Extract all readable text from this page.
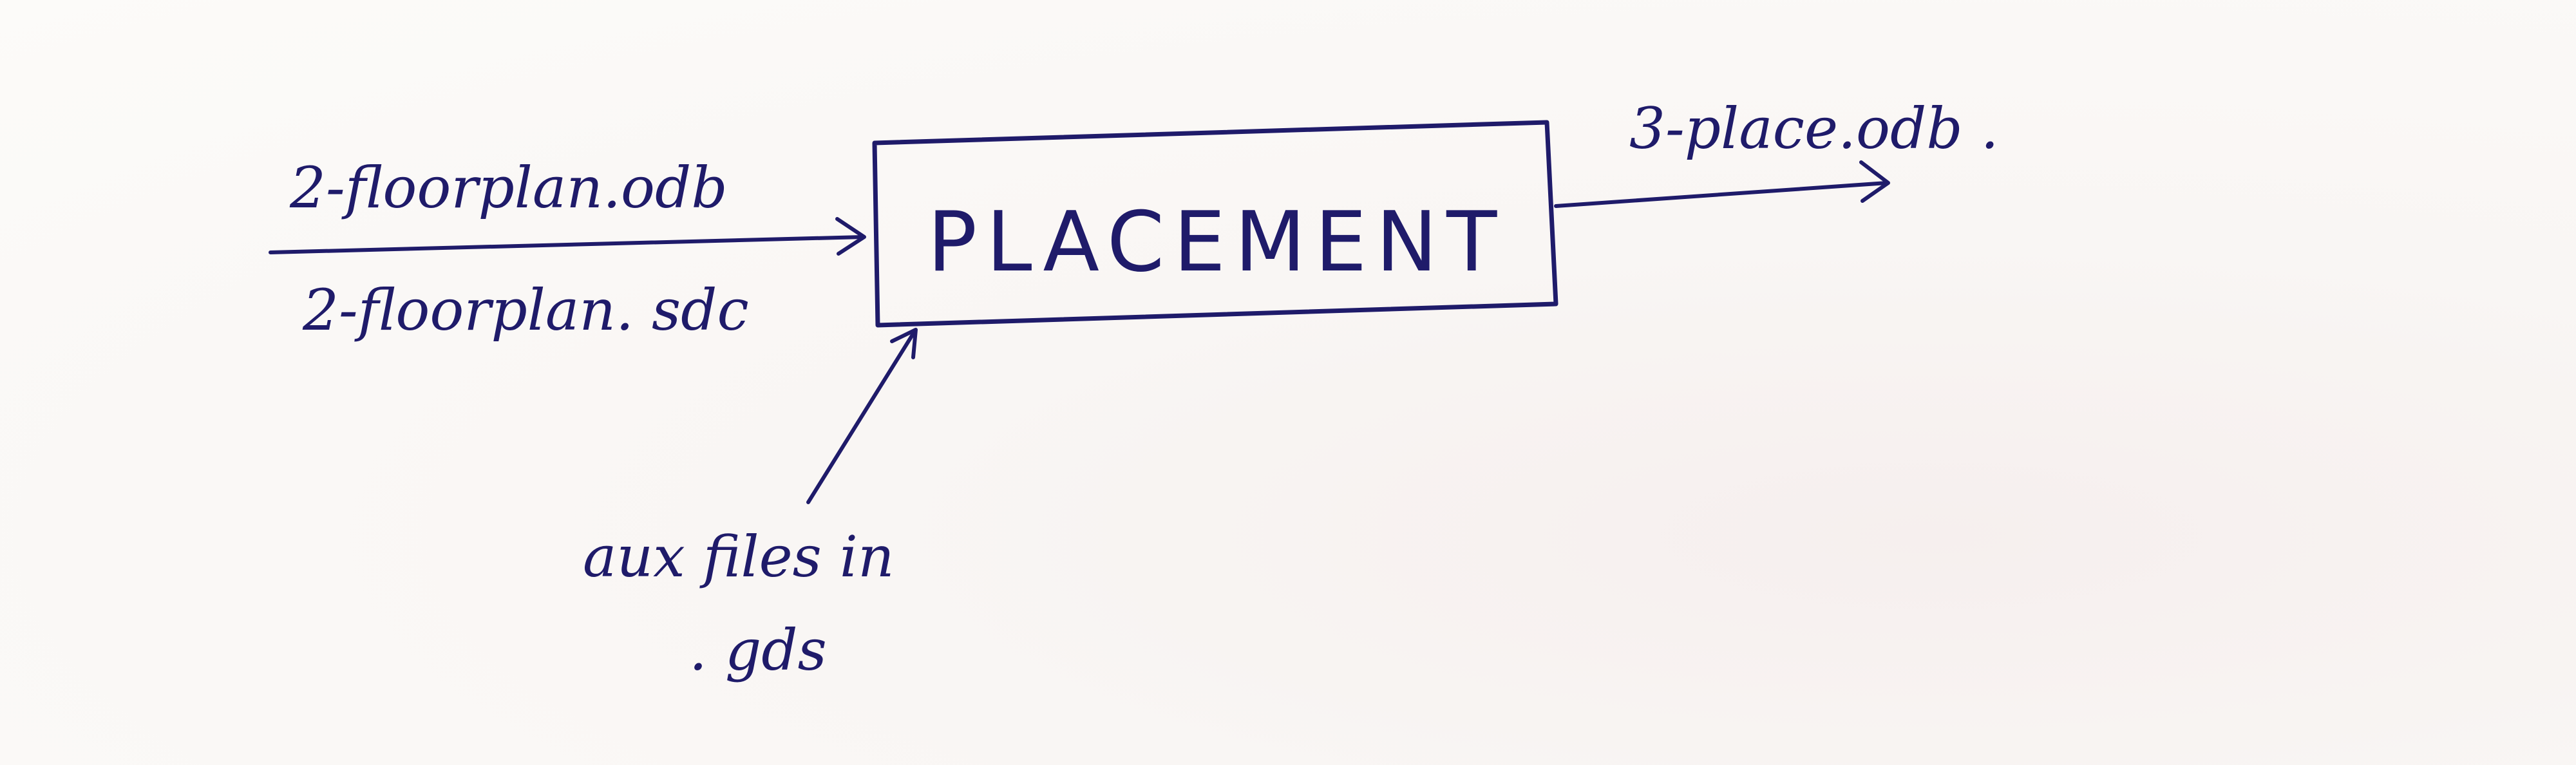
PLACEMENT
2-floorplan.odb
2-floorplan. sdc
aux files in
. gds
3-place.odb .
